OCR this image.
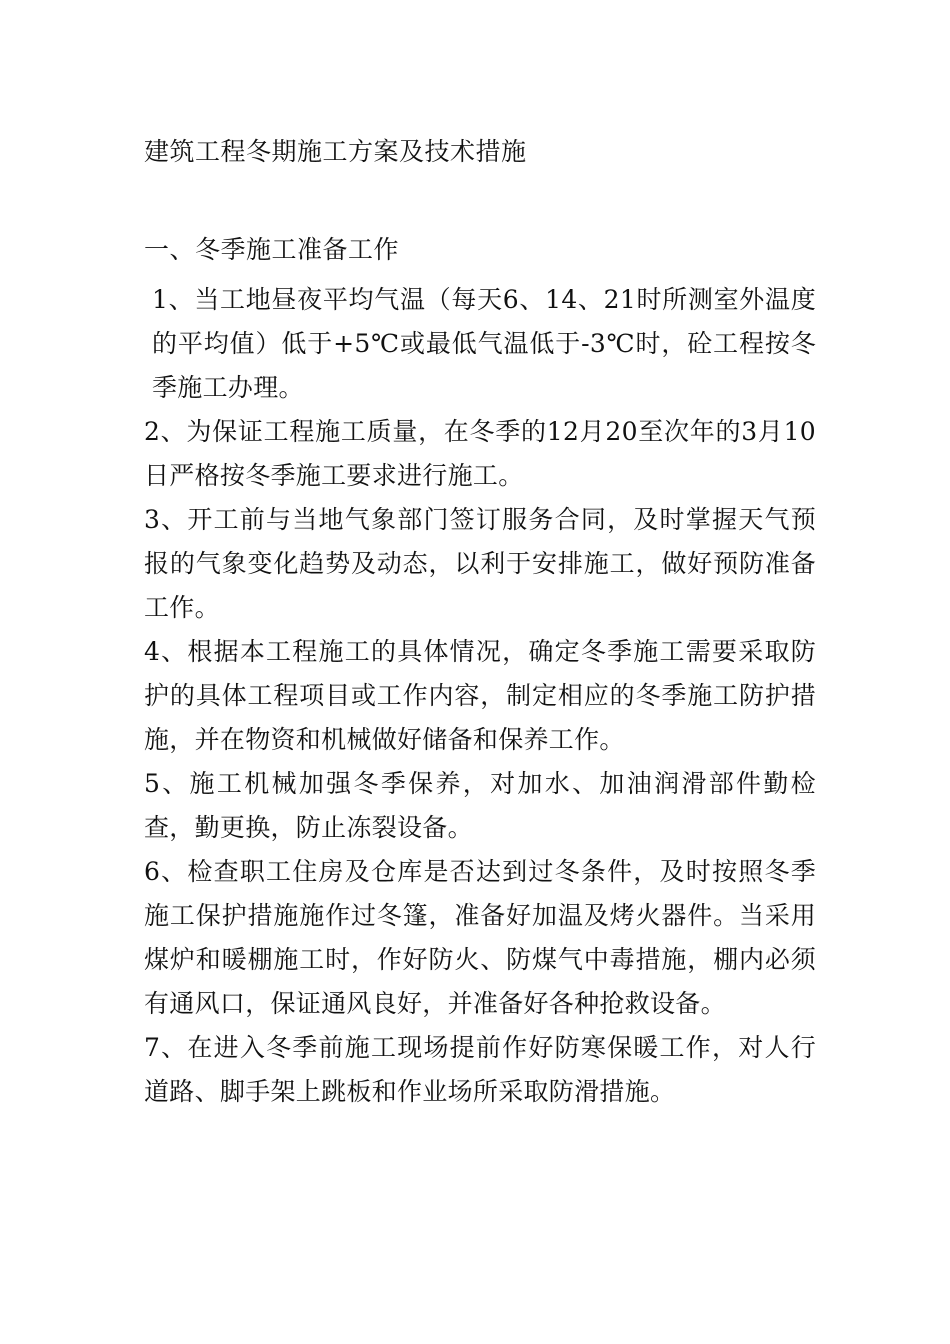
建筑工程冬期施工方案及技术措施
一、冬季施工准备工作

1、当工地昼夜平均气温（每天6、14、21时所测室外温度的平均值）低于+5℃或最低气温低于-3℃时，砼工程按冬季施工办理。

2、为保证工程施工质量，在冬季的12月20至次年的3月10日严格按冬季施工要求进行施工。

3、开工前与当地气象部门签订服务合同，及时掌握天气预报的气象变化趋势及动态，以利于安排施工，做好预防准备工作。

4、根据本工程施工的具体情况，确定冬季施工需要采取防护的具体工程项目或工作内容，制定相应的冬季施工防护措施，并在物资和机械做好储备和保养工作。

5、施工机械加强冬季保养，对加水、加油润滑部件勤检查，勤更换，防止冻裂设备。

6、检查职工住房及仓库是否达到过冬条件，及时按照冬季施工保护措施施作过冬篷，准备好加温及烤火器件。当采用煤炉和暖棚施工时，作好防火、防煤气中毒措施，棚内必须有通风口，保证通风良好，并准备好各种抢救设备。

7、在进入冬季前施工现场提前作好防寒保暖工作，对人行道路、脚手架上跳板和作业场所采取防滑措施。
